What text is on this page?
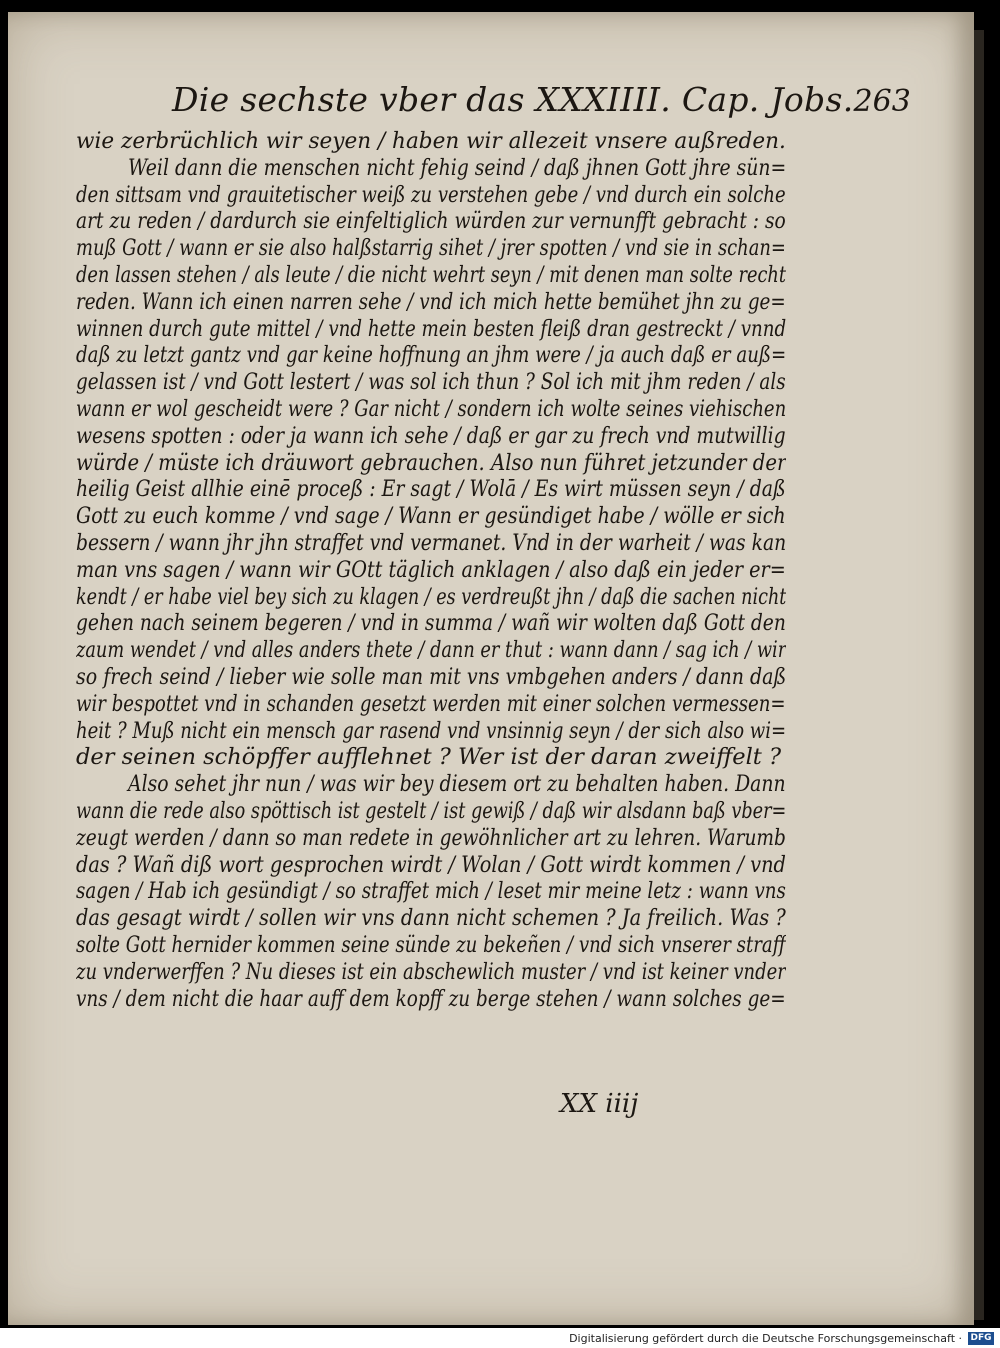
Die sechste vber das XXXIIII. Cap. Jobs. 263
wie zerbrüchlich wir seyen / haben wir allezeit vnsere außreden.
Weil dann die menschen nicht fehig seind / daß jhnen Gott jhre sün=
den sittsam vnd grauitetischer weiß zu verstehen gebe / vnd durch ein solche
art zu reden / dardurch sie einfeltiglich würden zur vernunfft gebracht : so
muß Gott / wann er sie also halßstarrig sihet / jrer spotten / vnd sie in schan=
den lassen stehen / als leute / die nicht wehrt seyn / mit denen man solte recht
reden. Wann ich einen narren sehe / vnd ich mich hette bemühet jhn zu ge=
winnen durch gute mittel / vnd hette mein besten fleiß dran gestreckt / vnnd
daß zu letzt gantz vnd gar keine hoffnung an jhm were / ja auch daß er auß=
gelassen ist / vnd Gott lestert / was sol ich thun ? Sol ich mit jhm reden / als
wann er wol gescheidt were ? Gar nicht / sondern ich wolte seines viehischen
wesens spotten : oder ja wann ich sehe / daß er gar zu frech vnd mutwillig
würde / müste ich dräuwort gebrauchen. Also nun führet jetzunder der
heilig Geist allhie einē proceß : Er sagt / Wolā / Es wirt müssen seyn / daß
Gott zu euch komme / vnd sage / Wann er gesündiget habe / wölle er sich
bessern / wann jhr jhn straffet vnd vermanet. Vnd in der warheit / was kan
man vns sagen / wann wir GOtt täglich anklagen / also daß ein jeder er=
kendt / er habe viel bey sich zu klagen / es verdreußt jhn / daß die sachen nicht
gehen nach seinem begeren / vnd in summa / wañ wir wolten daß Gott den
zaum wendet / vnd alles anders thete / dann er thut : wann dann / sag ich / wir
so frech seind / lieber wie solle man mit vns vmbgehen anders / dann daß
wir bespottet vnd in schanden gesetzt werden mit einer solchen vermessen=
heit ? Muß nicht ein mensch gar rasend vnd vnsinnig seyn / der sich also wi=
der seinen schöpffer aufflehnet ? Wer ist der daran zweiffelt ?
Also sehet jhr nun / was wir bey diesem ort zu behalten haben. Dann
wann die rede also spöttisch ist gestelt / ist gewiß / daß wir alsdann baß vber=
zeugt werden / dann so man redete in gewöhnlicher art zu lehren. Warumb
das ? Wañ diß wort gesprochen wirdt / Wolan / Gott wirdt kommen / vnd
sagen / Hab ich gesündigt / so straffet mich / leset mir meine letz : wann vns
das gesagt wirdt / sollen wir vns dann nicht schemen ? Ja freilich. Was ?
solte Gott hernider kommen seine sünde zu bekeñen / vnd sich vnserer straff
zu vnderwerffen ? Nu dieses ist ein abschewlich muster / vnd ist keiner vnder
vns / dem nicht die haar auff dem kopff zu berge stehen / wann solches ge=
XX iiij
Digitalisierung gefördert durch die Deutsche Forschungsgemeinschaft · DFG
